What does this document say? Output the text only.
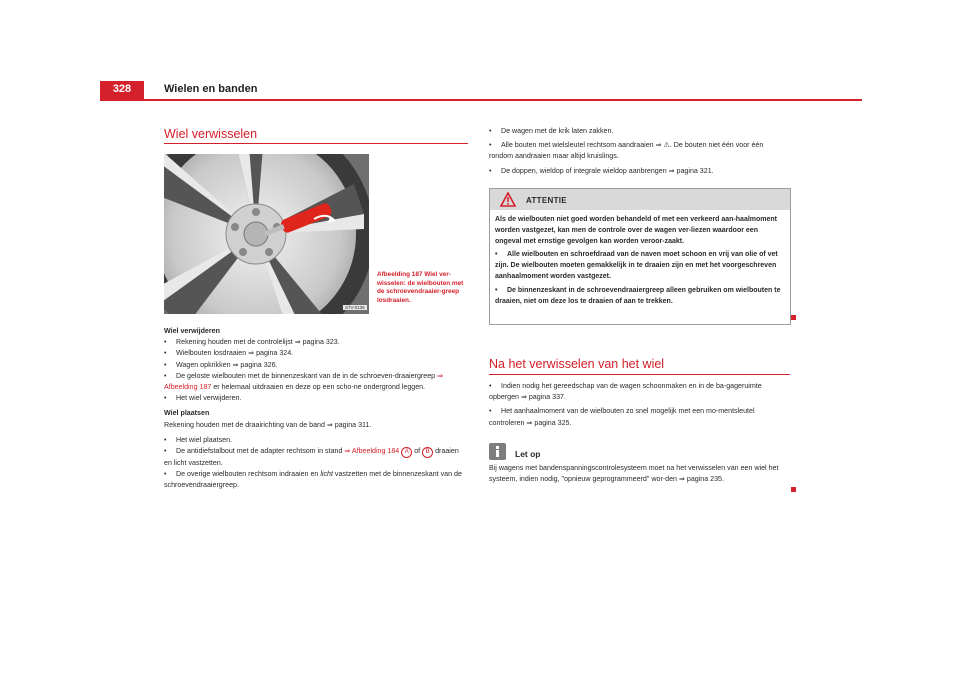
328	Wielen en banden
Wiel verwisselen
S7V-0136
Afbeelding 187 Wiel ver-wisselen: de wielbouten met de schroevendraaier-greep losdraaien.

Wiel verwijderen

• Rekening houden met de controlelijst ⇒ pagina 323.

• Wielbouten losdraaien ⇒ pagina 324.

• Wagen opkrikken ⇒ pagina 326.

• De geloste wielbouten met de binnenzeskant van de in de schroeven-draaiergreep ⇒ Afbeelding 187 er helemaal uitdraaien en deze op een scho-ne ondergrond leggen.

• Het wiel verwijderen.

Wiel plaatsen

Rekening houden met de draairichting van de band ⇒ pagina 311.

• Het wiel plaatsen.

• De antidiefstalbout met de adapter rechtsom in stand ⇒ Afbeelding 184 A of B draaien en licht vastzetten.

• De overige wielbouten rechtsom indraaien en licht vastzetten met de binnenzeskant van de schroevendraaiergreep.

• De wagen met de krik laten zakken.

• Alle bouten met wielsleutel rechtsom aandraaien ⇒ ⚠. De bouten niet één voor één rondom aandraaien maar altijd kruislings.

• De doppen, wieldop of integrale wieldop aanbrengen ⇒ pagina 321.

ATTENTIE

Als de wielbouten niet goed worden behandeld of met een verkeerd aan-haalmoment worden vastgezet, kan men de controle over de wagen ver-liezen waardoor een ongeval met ernstige gevolgen kan worden veroor-zaakt.

• Alle wielbouten en schroefdraad van de naven moet schoon en vrij van olie of vet zijn. De wielbouten moeten gemakkelijk in te draaien zijn en met het voorgeschreven aanhaalmoment worden vastgezet.

• De binnenzeskant in de schroevendraaiergreep alleen gebruiken om wielbouten te draaien, niet om deze los te draaien of aan te trekken.

Na het verwisselen van het wiel

• Indien nodig het gereedschap van de wagen schoonmaken en in de ba-gageruimte opbergen ⇒ pagina 337.

• Het aanhaalmoment van de wielbouten zo snel mogelijk met een mo-mentsleutel controleren ⇒ pagina 325.

Let op
Bij wagens met bandenspanningscontrolesysteem moet na het verwisselen van een wiel het systeem, indien nodig, "opnieuw geprogrammeerd" wor-den ⇒ pagina 235.
